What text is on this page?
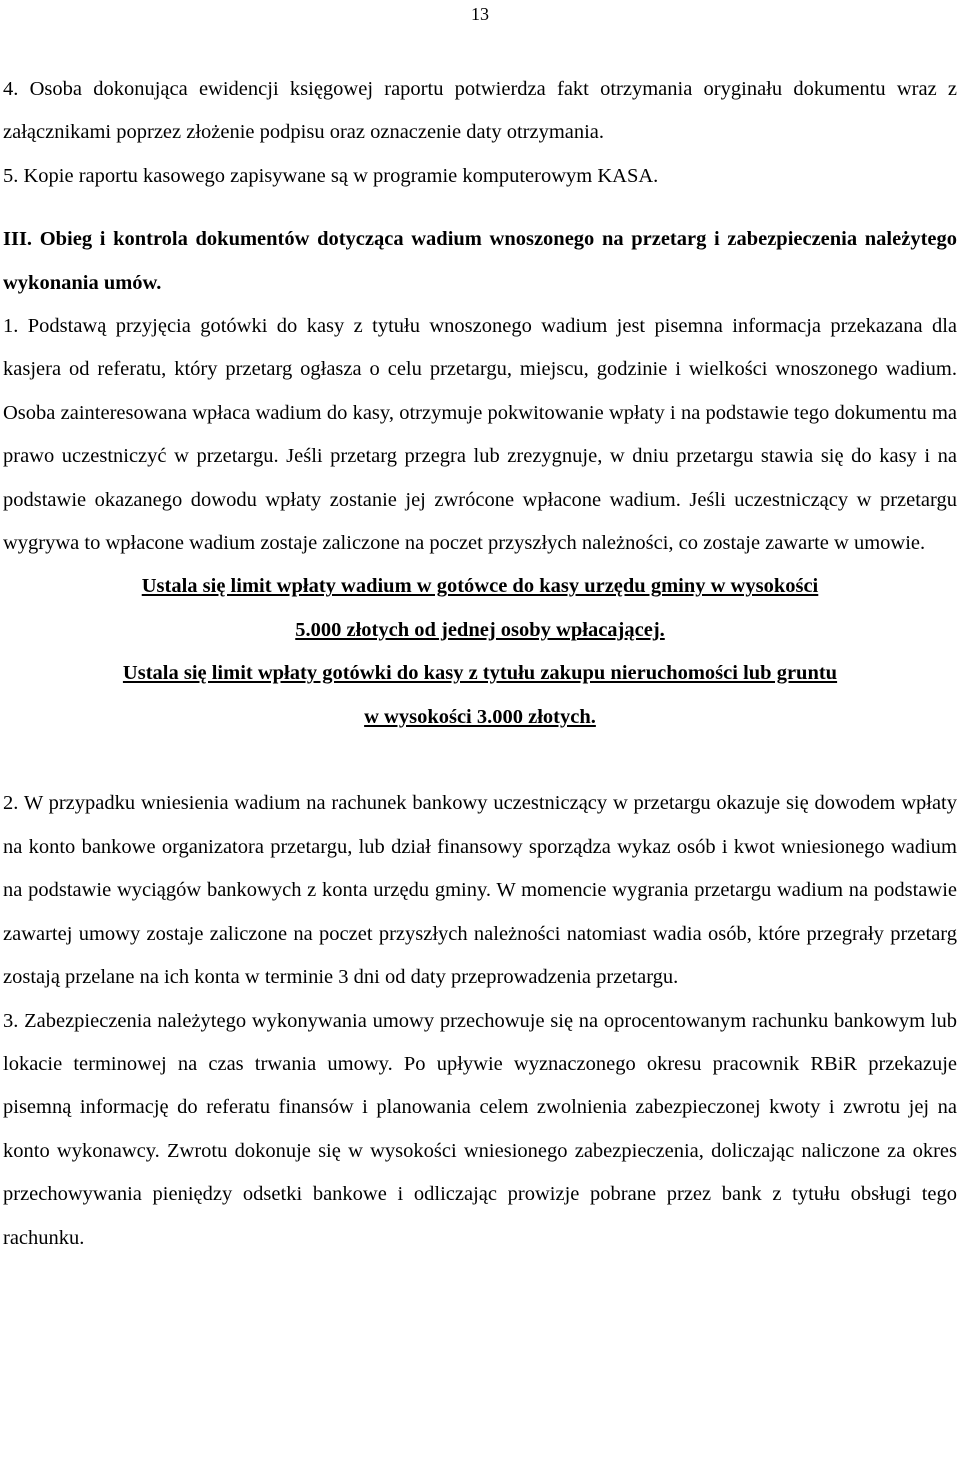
13

4. Osoba dokonująca ewidencji księgowej raportu potwierdza fakt otrzymania oryginału dokumentu wraz z załącznikami poprzez złożenie podpisu oraz oznaczenie daty otrzymania.

5. Kopie raportu kasowego zapisywane są w programie komputerowym KASA.

III. Obieg i kontrola dokumentów dotycząca wadium wnoszonego na przetarg i zabezpieczenia należytego wykonania umów.

1. Podstawą przyjęcia gotówki do kasy z tytułu wnoszonego wadium jest pisemna informacja przekazana dla kasjera od referatu, który przetarg ogłasza o celu przetargu, miejscu, godzinie i wielkości wnoszonego wadium. Osoba zainteresowana wpłaca wadium do kasy, otrzymuje pokwitowanie wpłaty i na podstawie tego dokumentu ma prawo uczestniczyć w przetargu. Jeśli przetarg przegra lub zrezygnuje, w dniu przetargu stawia się do kasy i na podstawie okazanego dowodu wpłaty zostanie jej zwrócone wpłacone wadium. Jeśli uczestniczący w przetargu wygrywa to wpłacone wadium zostaje zaliczone na poczet przyszłych należności, co zostaje zawarte w umowie.

Ustala się limit wpłaty wadium w gotówce do kasy urzędu gminy w wysokości

5.000 złotych od jednej osoby wpłacającej.

Ustala się limit wpłaty gotówki do kasy z tytułu zakupu nieruchomości lub gruntu

w wysokości 3.000 złotych.

2. W przypadku wniesienia wadium na rachunek bankowy uczestniczący w przetargu okazuje się dowodem wpłaty na konto bankowe organizatora przetargu, lub dział finansowy sporządza wykaz osób i kwot wniesionego wadium na podstawie wyciągów bankowych z konta urzędu gminy. W momencie wygrania przetargu wadium na podstawie zawartej umowy zostaje zaliczone na poczet przyszłych należności natomiast wadia osób, które przegrały przetarg zostają przelane na ich konta w terminie 3 dni od daty przeprowadzenia przetargu.

3. Zabezpieczenia należytego wykonywania umowy przechowuje się na oprocentowanym rachunku bankowym lub lokacie terminowej na czas trwania umowy. Po upływie wyznaczonego okresu pracownik RBiR przekazuje pisemną informację do referatu finansów i planowania celem zwolnienia zabezpieczonej kwoty i zwrotu jej na konto wykonawcy. Zwrotu dokonuje się w wysokości wniesionego zabezpieczenia, doliczając naliczone za okres przechowywania pieniędzy odsetki bankowe i odliczając prowizje pobrane przez bank z tytułu obsługi tego rachunku.
